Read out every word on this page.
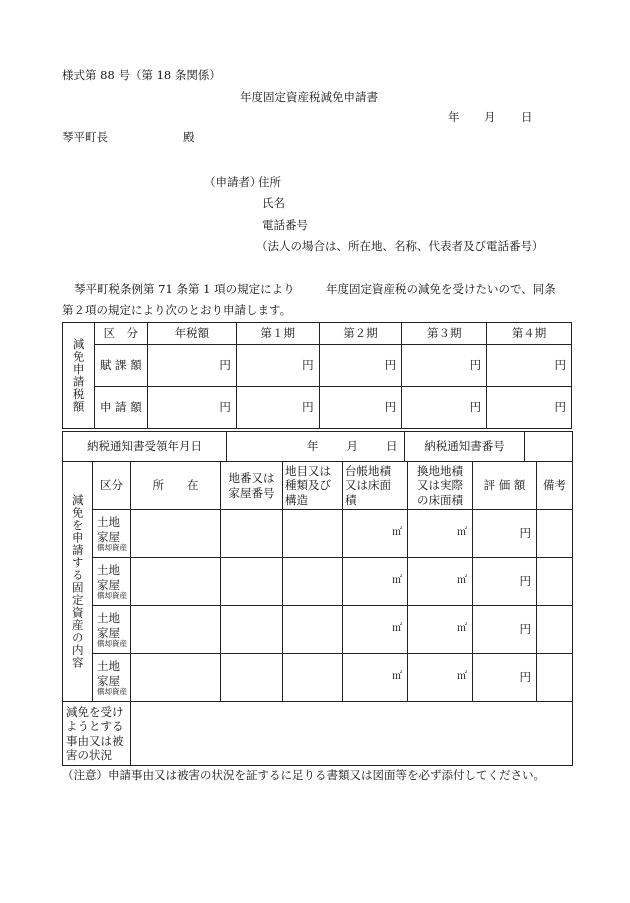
様式第 88 号（第 18 条関係）
年度固定資産税減免申請書
年 月 日
琴平町長	殿
（申請者）
住所
氏名
電話番号
（法人の場合は、所在地、名称、代表者及び電話番号）
琴平町税条例第 71 条第 1 項の規定により	年度固定資産税の減免を受けたいので、同条
第２項の規定により次のとおり申請します。
減免申請税額	区　分	年税額	第１期	第２期	第３期	第４期
	賦 課 額	円	円	円	円	円
	申 請 額	円	円	円	円	円
納税通知書受領年月日	年 月 日	納税通知書番号	
減免を申請する固定資産の内容	区分	所　　在	地番又は
家屋番号	地目又は
種類及び
構造	台帳地積
又は床面
積	換地地積
又は実際
の床面積	評 価 額	備考

	土地
家屋
償却資産				㎡	㎡	円	

	土地
家屋
償却資産				㎡	㎡	円	

	土地
家屋
償却資産				㎡	㎡	円	

	土地
家屋
償却資産				㎡	㎡	円	

減免を受け
ようとする
事由又は被
害の状況								

（注意）申請事由又は被害の状況を証するに足りる書類又は図面等を必ず添付してください。
